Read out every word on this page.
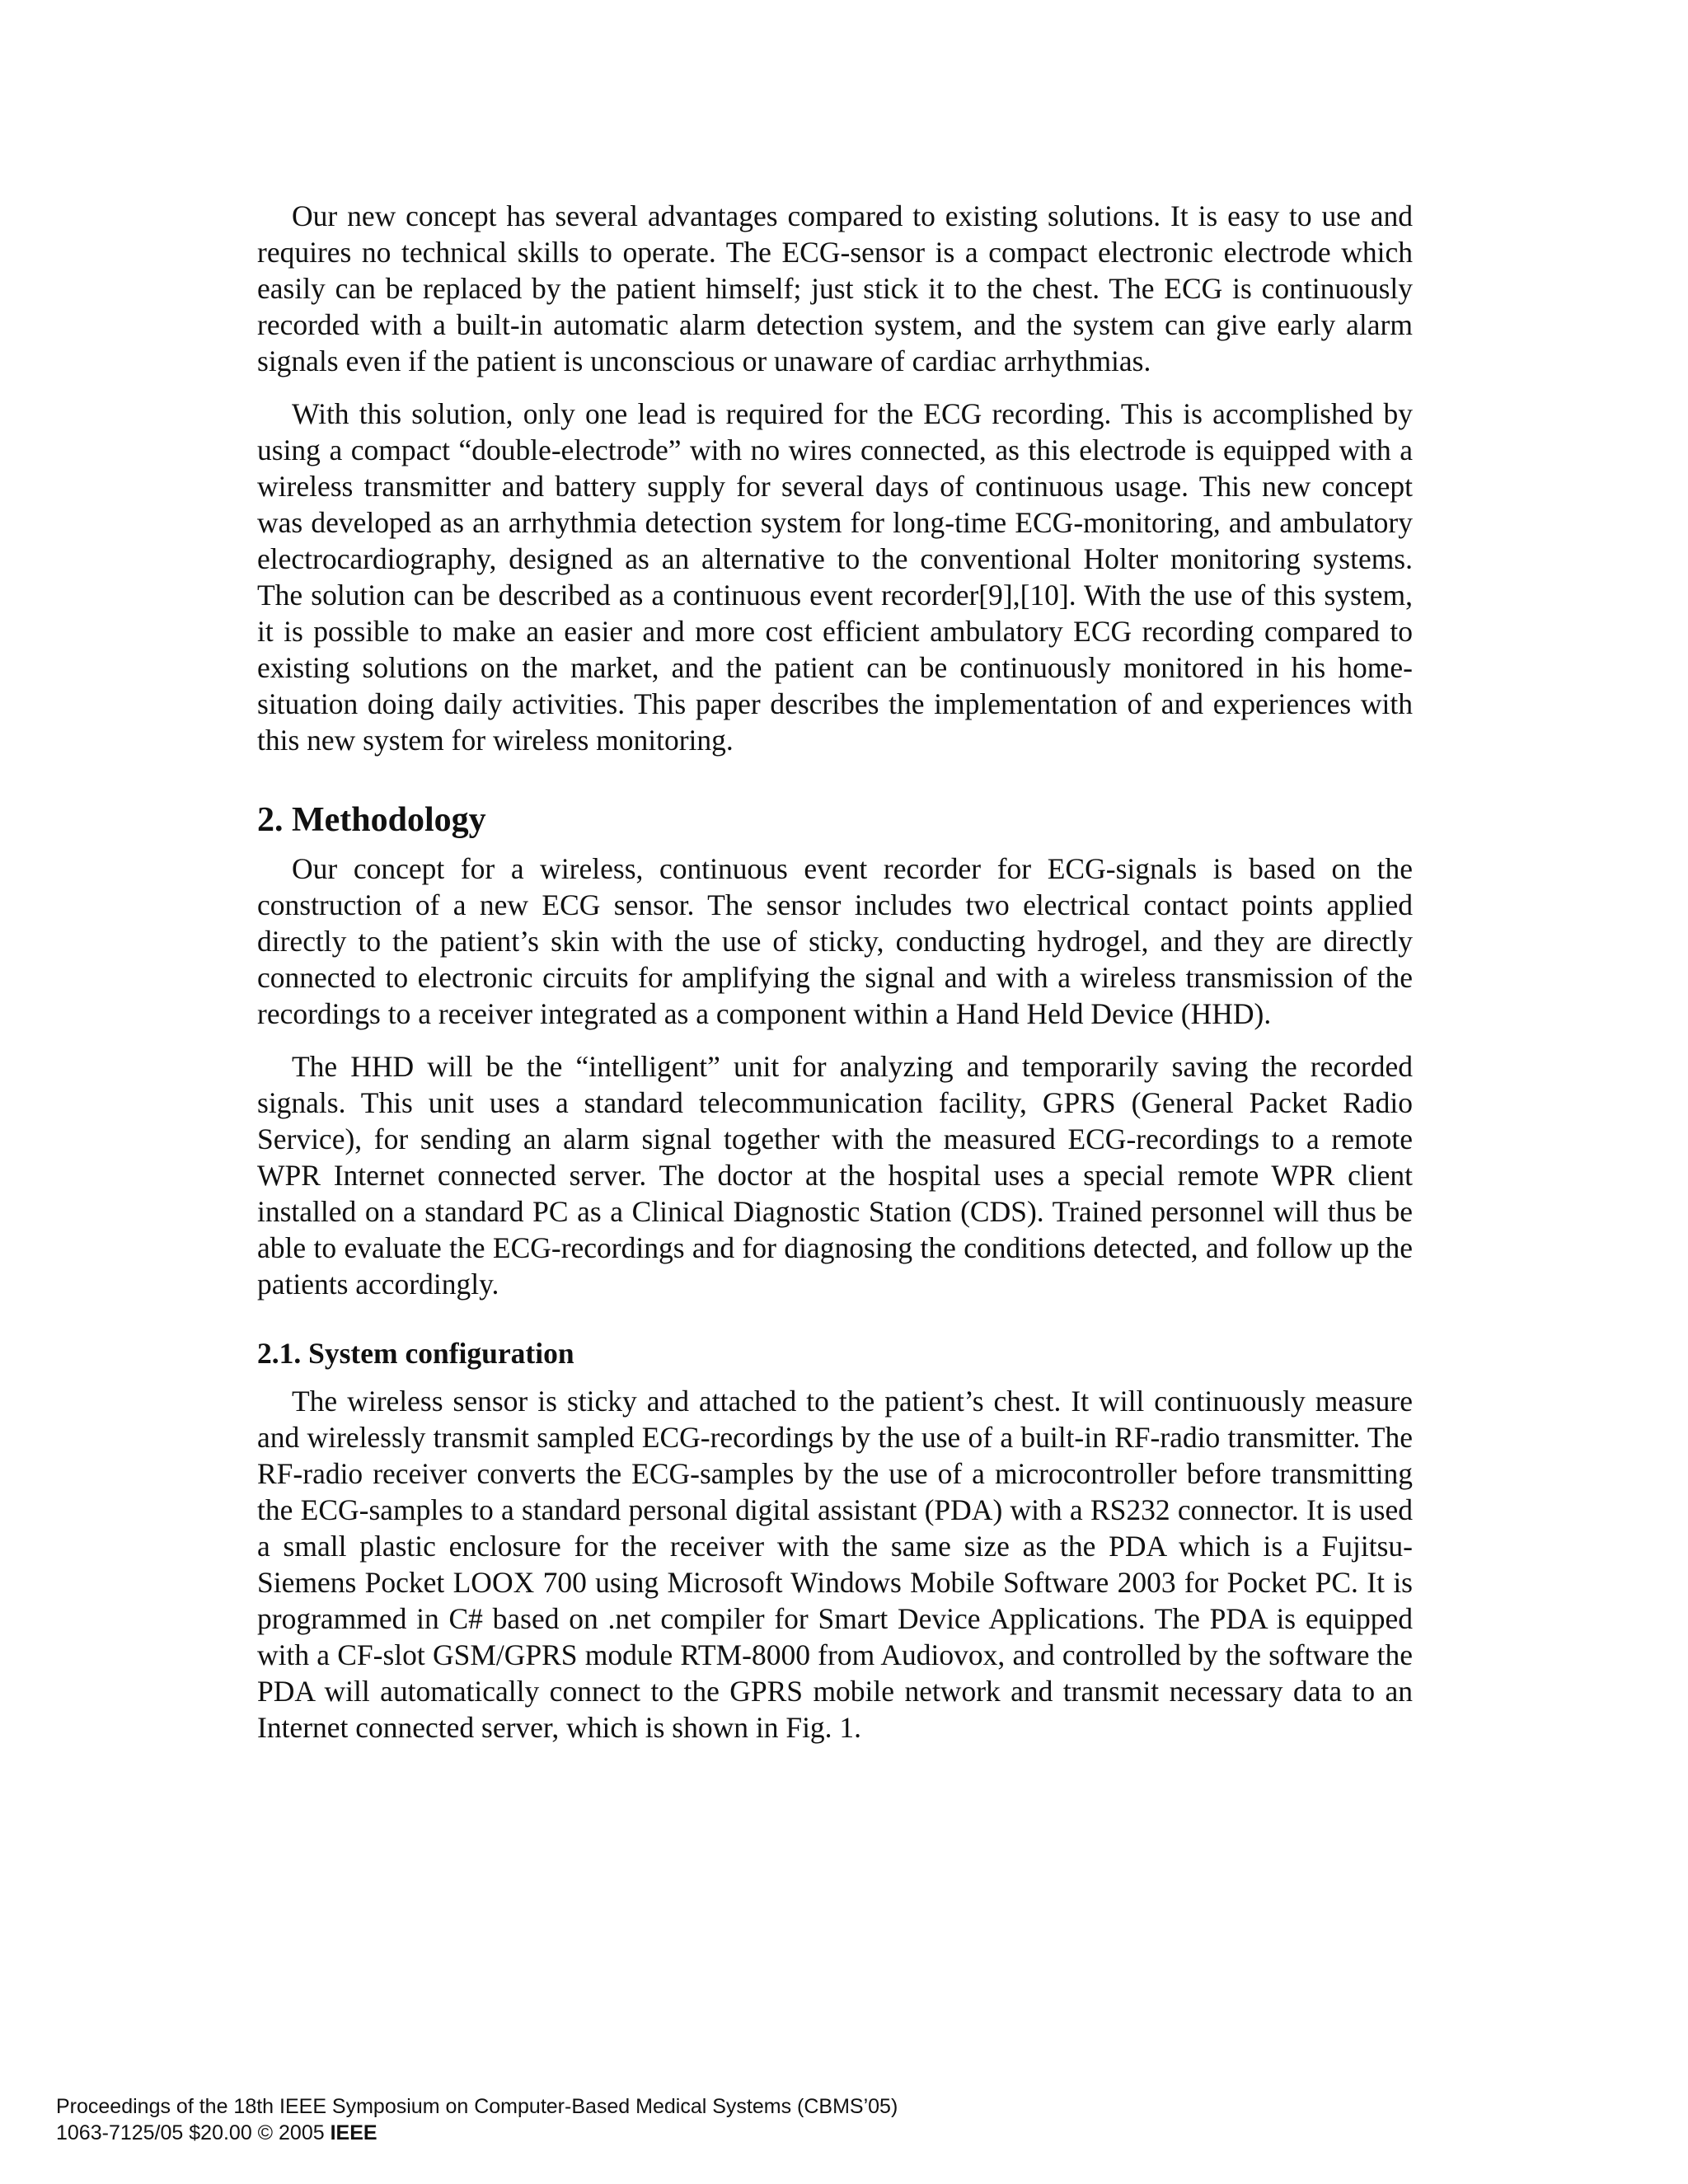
Our new concept has several advantages compared to existing solutions. It is easy to use and requires no technical skills to operate. The ECG-sensor is a compact electronic electrode which easily can be replaced by the patient himself; just stick it to the chest. The ECG is continuously recorded with a built-in automatic alarm detection system, and the system can give early alarm signals even if the patient is unconscious or unaware of cardiac arrhythmias.

With this solution, only one lead is required for the ECG recording. This is accomplished by using a compact “double-electrode” with no wires connected, as this electrode is equipped with a wireless transmitter and battery supply for several days of continuous usage. This new concept was developed as an arrhythmia detection system for long-time ECG-monitoring, and ambulatory electrocardiography, designed as an alternative to the conventional Holter monitoring systems. The solution can be described as a continuous event recorder[9],[10]. With the use of this system, it is possible to make an easier and more cost efficient ambulatory ECG recording compared to existing solutions on the market, and the patient can be continuously monitored in his home-situation doing daily activities. This paper describes the implementation of and experiences with this new system for wireless monitoring.

2. Methodology

Our concept for a wireless, continuous event recorder for ECG-signals is based on the construction of a new ECG sensor. The sensor includes two electrical contact points applied directly to the patient’s skin with the use of sticky, conducting hydrogel, and they are directly connected to electronic circuits for amplifying the signal and with a wireless transmission of the recordings to a receiver integrated as a component within a Hand Held Device (HHD).

The HHD will be the “intelligent” unit for analyzing and temporarily saving the recorded signals. This unit uses a standard telecommunication facility, GPRS (General Packet Radio Service), for sending an alarm signal together with the measured ECG-recordings to a remote WPR Internet connected server. The doctor at the hospital uses a special remote WPR client installed on a standard PC as a Clinical Diagnostic Station (CDS). Trained personnel will thus be able to evaluate the ECG-recordings and for diagnosing the conditions detected, and follow up the patients accordingly.

2.1. System configuration

The wireless sensor is sticky and attached to the patient’s chest. It will continuously measure and wirelessly transmit sampled ECG-recordings by the use of a built-in RF-radio transmitter. The RF-radio receiver converts the ECG-samples by the use of a microcontroller before transmitting the ECG-samples to a standard personal digital assistant (PDA) with a RS232 connector. It is used a small plastic enclosure for the receiver with the same size as the PDA which is a Fujitsu-Siemens Pocket LOOX 700 using Microsoft Windows Mobile Software 2003 for Pocket PC. It is programmed in C# based on .net compiler for Smart Device Applications. The PDA is equipped with a CF-slot GSM/GPRS module RTM-8000 from Audiovox, and controlled by the software the PDA will automatically connect to the GPRS mobile network and transmit necessary data to an Internet connected server, which is shown in Fig. 1.

Proceedings of the 18th IEEE Symposium on Computer-Based Medical Systems (CBMS’05)
1063-7125/05 $20.00 © 2005 IEEE
